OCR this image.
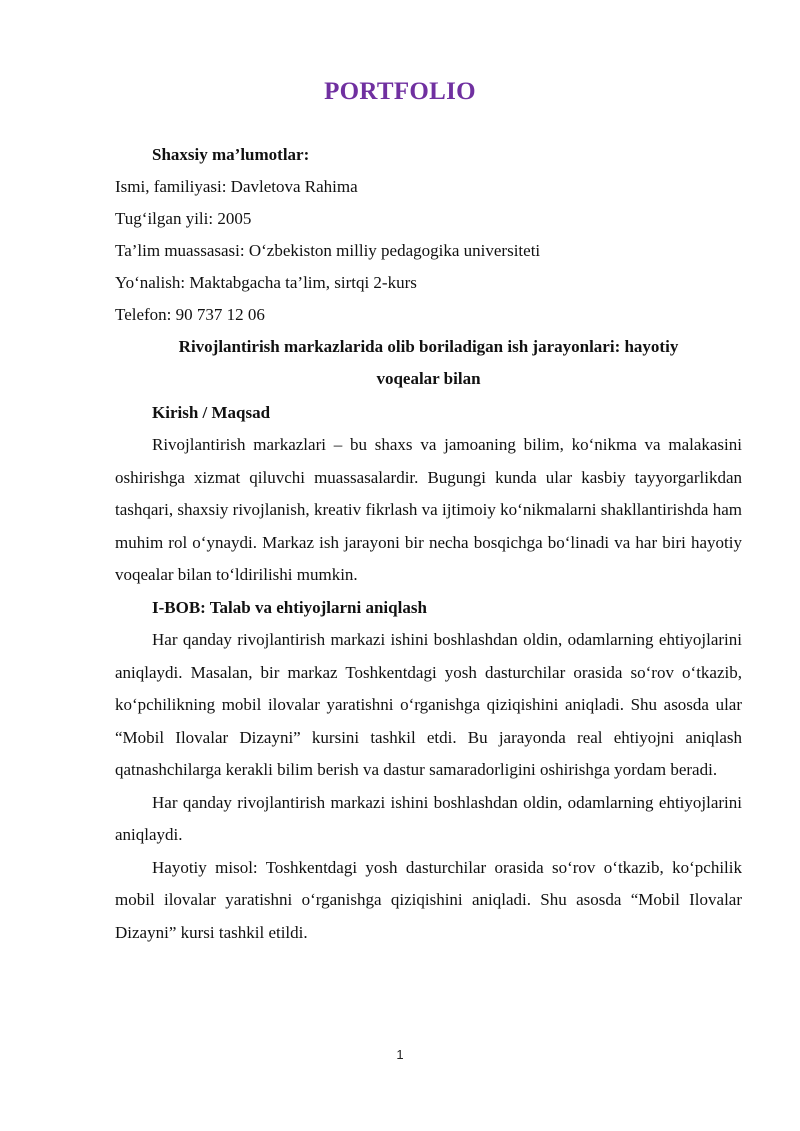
PORTFOLIO
Shaxsiy ma’lumotlar:
Ismi, familiyasi: Davletova Rahima
Tug‘ilgan yili: 2005
Ta’lim muassasasi: O‘zbekiston milliy pedagogika universiteti
Yo‘nalish: Maktabgacha ta’lim, sirtqi 2-kurs
Telefon: 90 737 12 06
Rivojlantirish markazlarida olib boriladigan ish jarayonlari: hayotiy
voqealar bilan
Kirish / Maqsad

Rivojlantirish markazlari – bu shaxs va jamoaning bilim, ko‘nikma va malakasini oshirishga xizmat qiluvchi muassasalardir. Bugungi kunda ular kasbiy tayyorgarlikdan tashqari, shaxsiy rivojlanish, kreativ fikrlash va ijtimoiy ko‘nikmalarni shakllantirishda ham muhim rol o‘ynaydi. Markaz ish jarayoni bir necha bosqichga bo‘linadi va har biri hayotiy voqealar bilan to‘ldirilishi mumkin.

I-BOB: Talab va ehtiyojlarni aniqlash

Har qanday rivojlantirish markazi ishini boshlashdan oldin, odamlarning ehtiyojlarini aniqlaydi. Masalan, bir markaz Toshkentdagi yosh dasturchilar orasida so‘rov o‘tkazib, ko‘pchilikning mobil ilovalar yaratishni o‘rganishga qiziqishini aniqladi. Shu asosda ular “Mobil Ilovalar Dizayni” kursini tashkil etdi. Bu jarayonda real ehtiyojni aniqlash qatnashchilarga kerakli bilim berish va dastur samaradorligini oshirishga yordam beradi.

Har qanday rivojlantirish markazi ishini boshlashdan oldin, odamlarning ehtiyojlarini aniqlaydi.

Hayotiy misol: Toshkentdagi yosh dasturchilar orasida so‘rov o‘tkazib, ko‘pchilik mobil ilovalar yaratishni o‘rganishga qiziqishini aniqladi. Shu asosda “Mobil Ilovalar Dizayni” kursi tashkil etildi.

1
